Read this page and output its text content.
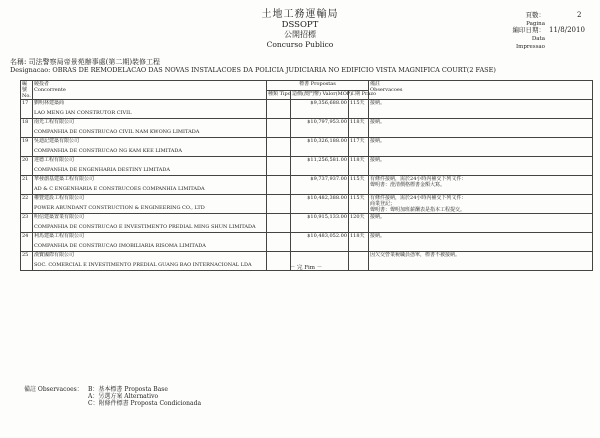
土地工務運輸局
DSSOPT
公開招標
Concurso Publico
頁數：
Pagina
2
編印日期：
Data Impressao
11/8/2010
名稱: 司法警察局帝景苑辦事處(第二期)裝修工程
Designacao: OBRAS DE REMODELACAO DAS NOVAS INSTALACOES DA POLICIA JUDICIARIA NO EDIFICIO VISTA MAGNIFICA COURT(2 FASE)
編號
No.	競投者
Concorrente	標書 Propostas			備註
Observacoes

		種類 Tipo	造價(澳門幣) Valor(MOP)	工期 Prazo	
17	劉明林建築商
LAO MENG IAN CONSTRUTOR CIVIL		$9,356,688.00	115天	接納。

18	南光工程有限公司
COMPANHIA DE CONSTRUCAO CIVIL NAM KWONG LIMITADA		$10,797,953.00	118天	接納。

19	吳迪記建築有限公司
COMPANHIA DE CONSTRUCAO NG KAM KEE LIMITADA		$10,326,188.00	117天	接納。

20	達德工程有限公司
COMPANHIA DE ENGENHARIA DESTINY LIMITADA		$11,256,581.00	118天	接納。

21	華發創基建築工程有限公司
AD & C ENGENHARIA E CONSTRUCOES COMPANHIA LIMITADA		$9,737,937.00	115天	有條件接納，需於24小時內補交下列文件：
聲明書：澄清價格標書金額大寫。

22	權豐建設工程有限公司
POWER ABUNDANT CONSTRUCTION & ENGINEERING CO., LTD		$10,482,388.00	115天	有條件接納，需於24小時內補交下列文件：
商業登記；
聲明書：聲明加班薪酬表是指本工程提交。

23	明信建築置業有限公司
COMPANHIA DE CONSTRUCAO E INVESTIMENTO PREDIAL MING SHUN LIMITADA		$10,915,133.00	120天	接納。

24	利馬建築工程有限公司
COMPANHIA DE CONSTRUCAO IMOBILIARIA RISOMA LIMITADA		$10,483,052.00	118天	接納。

25	漢寶國際有限公司
SOC. COMERCIAL E INVESTIMENTO PREDIAL GUANG BAO INTERNACIONAL LDA				因欠交營業稅職員憑單，標書不被接納。
－ 完 Fim －
備註 Observacoes： B：基本標書 Proposta Base
A：另選方案 Alternativo
C：附條件標書 Proposta Condicionada
